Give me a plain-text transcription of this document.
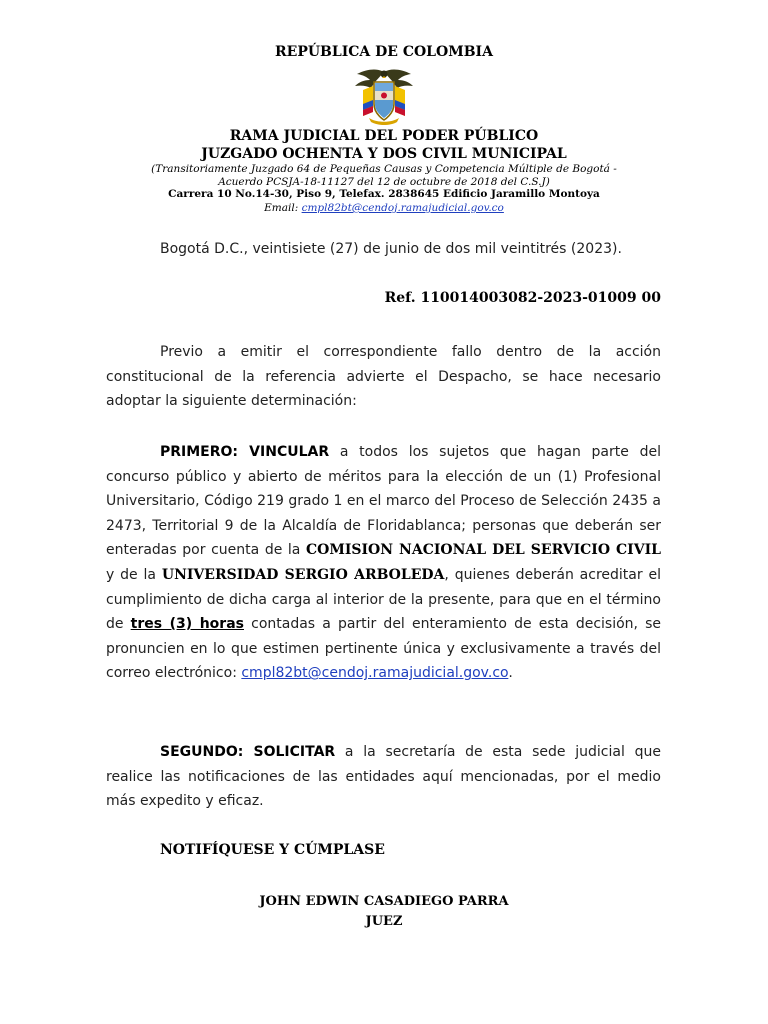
REPÚBLICA DE COLOMBIA
RAMA JUDICIAL DEL PODER PÚBLICO
JUZGADO OCHENTA Y DOS CIVIL MUNICIPAL
(Transitoriamente Juzgado 64 de Pequeñas Causas y Competencia Múltiple de Bogotá -
Acuerdo PCSJA-18-11127 del 12 de octubre de 2018 del C.S.J)
Carrera 10 No.14-30, Piso 9, Telefax. 2838645 Edificio Jaramillo Montoya
Email: cmpl82bt@cendoj.ramajudicial.gov.co
Bogotá D.C., veintisiete (27) de junio de dos mil veintitrés (2023).
Ref. 110014003082-2023-01009 00
Previo a emitir el correspondiente fallo dentro de la acción constitucional de la referencia advierte el Despacho, se hace necesario adoptar la siguiente determinación:
PRIMERO: VINCULAR a todos los sujetos que hagan parte del concurso público y abierto de méritos para la elección de un (1) Profesional Universitario, Código 219 grado 1 en el marco del Proceso de Selección 2435 a 2473, Territorial 9 de la Alcaldía de Floridablanca; personas que deberán ser enteradas por cuenta de la COMISION NACIONAL DEL SERVICIO CIVIL y de la UNIVERSIDAD SERGIO ARBOLEDA, quienes deberán acreditar el cumplimiento de dicha carga al interior de la presente, para que en el término de tres (3) horas contadas a partir del enteramiento de esta decisión, se pronuncien en lo que estimen pertinente única y exclusivamente a través del correo electrónico: cmpl82bt@cendoj.ramajudicial.gov.co.
SEGUNDO: SOLICITAR a la secretaría de esta sede judicial que realice las notificaciones de las entidades aquí mencionadas, por el medio más expedito y eficaz.
NOTIFÍQUESE Y CÚMPLASE
JOHN EDWIN CASADIEGO PARRA
JUEZ
